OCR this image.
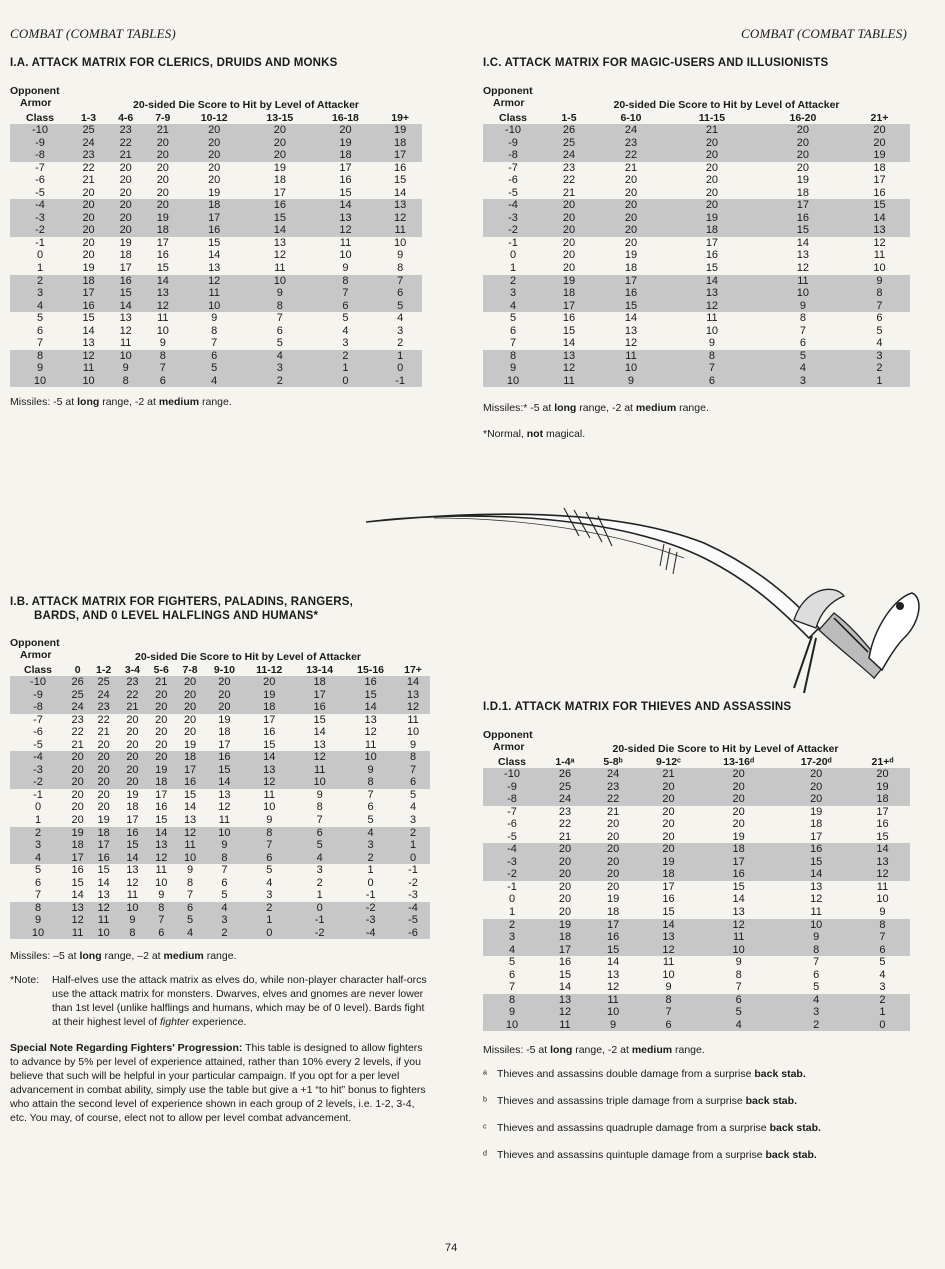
COMBAT (COMBAT TABLES)	COMBAT (COMBAT TABLES)
I.A. ATTACK MATRIX FOR CLERICS, DRUIDS AND MONKS
Opponent
Armor
		20-sided Die Score to Hit by Level of Attacker						
Class	1-3	4-6	7-9	10-12	13-15	16-18	19+
-10	25	23	21	20	20	20	19
-9	24	22	20	20	20	19	18
-8	23	21	20	20	20	18	17
-7	22	20	20	20	19	17	16
-6	21	20	20	20	18	16	15
-5	20	20	20	19	17	15	14
-4	20	20	20	18	16	14	13
-3	20	20	19	17	15	13	12
-2	20	20	18	16	14	12	11
-1	20	19	17	15	13	11	10
0	20	18	16	14	12	10	9
1	19	17	15	13	11	9	8
2	18	16	14	12	10	8	7
3	17	15	13	11	9	7	6
4	16	14	12	10	8	6	5
5	15	13	11	9	7	5	4
6	14	12	10	8	6	4	3
7	13	11	9	7	5	3	2
8	12	10	8	6	4	2	1
9	11	9	7	5	3	1	0
10	10	8	6	4	2	0	-1
Missiles: -5 at long range, -2 at medium range.
I.C. ATTACK MATRIX FOR MAGIC-USERS AND ILLUSIONISTS
Opponent
Armor
		20-sided Die Score to Hit by Level of Attacker				
Class	1-5	6-10	11-15	16-20	21+
-10	26	24	21	20	20
-9	25	23	20	20	20
-8	24	22	20	20	19
-7	23	21	20	20	18
-6	22	20	20	19	17
-5	21	20	20	18	16
-4	20	20	20	17	15
-3	20	20	19	16	14
-2	20	20	18	15	13
-1	20	20	17	14	12
0	20	19	16	13	11
1	20	18	15	12	10
2	19	17	14	11	9
3	18	16	13	10	8
4	17	15	12	9	7
5	16	14	11	8	6
6	15	13	10	7	5
7	14	12	9	6	4
8	13	11	8	5	3
9	12	10	7	4	2
10	11	9	6	3	1
Missiles:* -5 at long range, -2 at medium range.
*Normal, not magical.
I.B. ATTACK MATRIX FOR FIGHTERS, PALADINS, RANGERS,
BARDS, AND 0 LEVEL HALFLINGS AND HUMANS*
Opponent
Armor
		20-sided Die Score to Hit by Level of Attacker									
Class	0	1-2	3-4	5-6	7-8	9-10	11-12	13-14	15-16	17+
-10	26	25	23	21	20	20	20	18	16	14
-9	25	24	22	20	20	20	19	17	15	13
-8	24	23	21	20	20	20	18	16	14	12
-7	23	22	20	20	20	19	17	15	13	11
-6	22	21	20	20	20	18	16	14	12	10
-5	21	20	20	20	19	17	15	13	11	9
-4	20	20	20	20	18	16	14	12	10	8
-3	20	20	20	19	17	15	13	11	9	7
-2	20	20	20	18	16	14	12	10	8	6
-1	20	20	19	17	15	13	11	9	7	5
0	20	20	18	16	14	12	10	8	6	4
1	20	19	17	15	13	11	9	7	5	3
2	19	18	16	14	12	10	8	6	4	2
3	18	17	15	13	11	9	7	5	3	1
4	17	16	14	12	10	8	6	4	2	0
5	16	15	13	11	9	7	5	3	1	-1
6	15	14	12	10	8	6	4	2	0	-2
7	14	13	11	9	7	5	3	1	-1	-3
8	13	12	10	8	6	4	2	0	-2	-4
9	12	11	9	7	5	3	1	-1	-3	-5
10	11	10	8	6	4	2	0	-2	-4	-6
Missiles: –5 at long range, –2 at medium range.
*Note:	Half-elves use the attack matrix as elves do, while non-player character half-orcs use the attack matrix for monsters. Dwarves, elves and gnomes are never lower than 1st level (unlike halflings and humans, which may be of 0 level). Bards fight at their highest level of fighter experience.
Special Note Regarding Fighters' Progression: This table is designed to allow fighters to advance by 5% per level of experience attained, rather than 10% every 2 levels, if you believe that such will be helpful in your particular campaign. If you opt for a per level advancement in combat ability, simply use the table but give a +1 “to hit” bonus to fighters who attain the second level of experience shown in each group of 2 levels, i.e. 1-2, 3-4, etc. You may, of course, elect not to allow per level combat advancement.
I.D.1. ATTACK MATRIX FOR THIEVES AND ASSASSINS
Opponent
Armor
		20-sided Die Score to Hit by Level of Attacker					
Class	1-4ᵃ	5-8ᵇ	9-12ᶜ	13-16ᵈ	17-20ᵈ	21+ᵈ
-10	26	24	21	20	20	20
-9	25	23	20	20	20	19
-8	24	22	20	20	20	18
-7	23	21	20	20	19	17
-6	22	20	20	20	18	16
-5	21	20	20	19	17	15
-4	20	20	20	18	16	14
-3	20	20	19	17	15	13
-2	20	20	18	16	14	12
-1	20	20	17	15	13	11
0	20	19	16	14	12	10
1	20	18	15	13	11	9
2	19	17	14	12	10	8
3	18	16	13	11	9	7
4	17	15	12	10	8	6
5	16	14	11	9	7	5
6	15	13	10	8	6	4
7	14	12	9	7	5	3
8	13	11	8	6	4	2
9	12	10	7	5	3	1
10	11	9	6	4	2	0
Missiles: -5 at long range, -2 at medium range.
ᵃ Thieves and assassins double damage from a surprise back stab.
ᵇ Thieves and assassins triple damage from a surprise back stab.
ᶜ Thieves and assassins quadruple damage from a surprise back stab.
ᵈ Thieves and assassins quintuple damage from a surprise back stab.
74
